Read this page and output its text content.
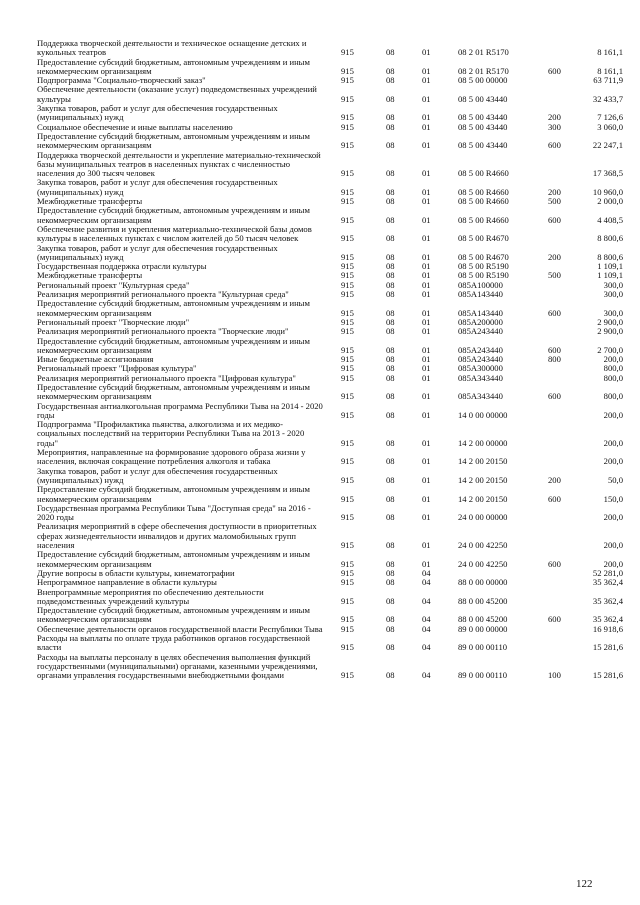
Поддержка творческой деятельности и техническое оснащение детских и кукольных театров	915	08	01	08 2 01 R5170	8 161,1
Предоставление субсидий бюджетным, автономным учреждениям и иным некоммерческим организациям	915	08	01	08 2 01 R5170	600	8 161,1
Подпрограмма "Социально-творческий заказ"	915	08	01	08 5 00 00000	63 711,9
Обеспечение деятельности (оказание услуг) подведомственных учреждений культуры	915	08	01	08 5 00 43440	32 433,7
Закупка товаров, работ и услуг для обеспечения государственных (муниципальных) нужд	915	08	01	08 5 00 43440	200	7 126,6
Социальное обеспечение и иные выплаты населению	915	08	01	08 5 00 43440	300	3 060,0
Предоставление субсидий бюджетным, автономным учреждениям и иным некоммерческим организациям	915	08	01	08 5 00 43440	600	22 247,1
Поддержка творческой деятельности и укрепление материально-технической базы муниципальных театров в населенных пунктах с численностью населения до 300 тысяч человек	915	08	01	08 5 00 R4660	17 368,5
Закупка товаров, работ и услуг для обеспечения государственных (муниципальных) нужд	915	08	01	08 5 00 R4660	200	10 960,0
Межбюджетные трансферты	915	08	01	08 5 00 R4660	500	2 000,0
Предоставление субсидий бюджетным, автономным учреждениям и иным некоммерческим организациям	915	08	01	08 5 00 R4660	600	4 408,5
Обеспечение развития и укрепления материально-технической базы домов культуры в населенных пунктах с числом жителей до 50 тысяч человек	915	08	01	08 5 00 R4670	8 800,6
Закупка товаров, работ и услуг для обеспечения государственных (муниципальных) нужд	915	08	01	08 5 00 R4670	200	8 800,6
Государственная поддержка отрасли культуры	915	08	01	08 5 00 R5190	1 109,1
Межбюджетные трансферты	915	08	01	08 5 00 R5190	500	1 109,1
Региональный проект "Культурная среда"	915	08	01	085A100000	300,0
Реализация мероприятий регионального проекта "Культурная среда"	915	08	01	085A143440	300,0
Предоставление субсидий бюджетным, автономным учреждениям и иным некоммерческим организациям	915	08	01	085A143440	600	300,0
Региональный проект "Творческие люди"	915	08	01	085A200000	2 900,0
Реализация мероприятий регионального проекта "Творческие люди"	915	08	01	085A243440	2 900,0
Предоставление субсидий бюджетным, автономным учреждениям и иным некоммерческим организациям	915	08	01	085A243440	600	2 700,0
Иные бюджетные ассигнования	915	08	01	085A243440	800	200,0
Региональный проект "Цифровая культура"	915	08	01	085A300000	800,0
Реализация мероприятий регионального проекта "Цифровая культура"	915	08	01	085A343440	800,0
Предоставление субсидий бюджетным, автономным учреждениям и иным некоммерческим организациям	915	08	01	085A343440	600	800,0
Государственная антиалкогольная программа Республики Тыва на 2014 - 2020 годы	915	08	01	14 0 00 00000	200,0
Подпрограмма "Профилактика пьянства, алкоголизма и их медико-социальных последствий на территории Республики Тыва на 2013 - 2020 годы"	915	08	01	14 2 00 00000	200,0
Мероприятия, направленные на формирование здорового образа жизни у населения, включая сокращение потребления алкоголя и табака	915	08	01	14 2 00 20150	200,0
Закупка товаров, работ и услуг для обеспечения государственных (муниципальных) нужд	915	08	01	14 2 00 20150	200	50,0
Предоставление субсидий бюджетным, автономным учреждениям и иным некоммерческим организациям	915	08	01	14 2 00 20150	600	150,0
Государственная программа Республики Тыва "Доступная среда" на 2016 - 2020 годы	915	08	01	24 0 00 00000	200,0
Реализация мероприятий в сфере обеспечения доступности в приоритетных сферах жизнедеятельности инвалидов и других маломобильных групп населения	915	08	01	24 0 00 42250	200,0
Предоставление субсидий бюджетным, автономным учреждениям и иным некоммерческим организациям	915	08	01	24 0 00 42250	600	200,0
Другие вопросы в области культуры, кинематографии	915	08	04	52 281,0
Непрограммное направление в области культуры	915	08	04	88 0 00 00000	35 362,4
Внепрограммные мероприятия по обеспечению деятельности подведомственных учреждений культуры	915	08	04	88 0 00 45200	35 362,4
Предоставление субсидий бюджетным, автономным учреждениям и иным некоммерческим организациям	915	08	04	88 0 00 45200	600	35 362,4
Обеспечение деятельности органов государственной власти Республики Тыва 915	08	04	89 0 00 00000	16 918,6
Расходы на выплаты по оплате труда работников органов государственной власти	915	08	04	89 0 00 00110	15 281,6
Расходы на выплаты персоналу в целях обеспечения выполнения функций государственными (муниципальными) органами, казенными учреждениями, органами управления государственными внебюджетными фондами	915	08	04	89 0 00 00110	100	15 281,6
122
